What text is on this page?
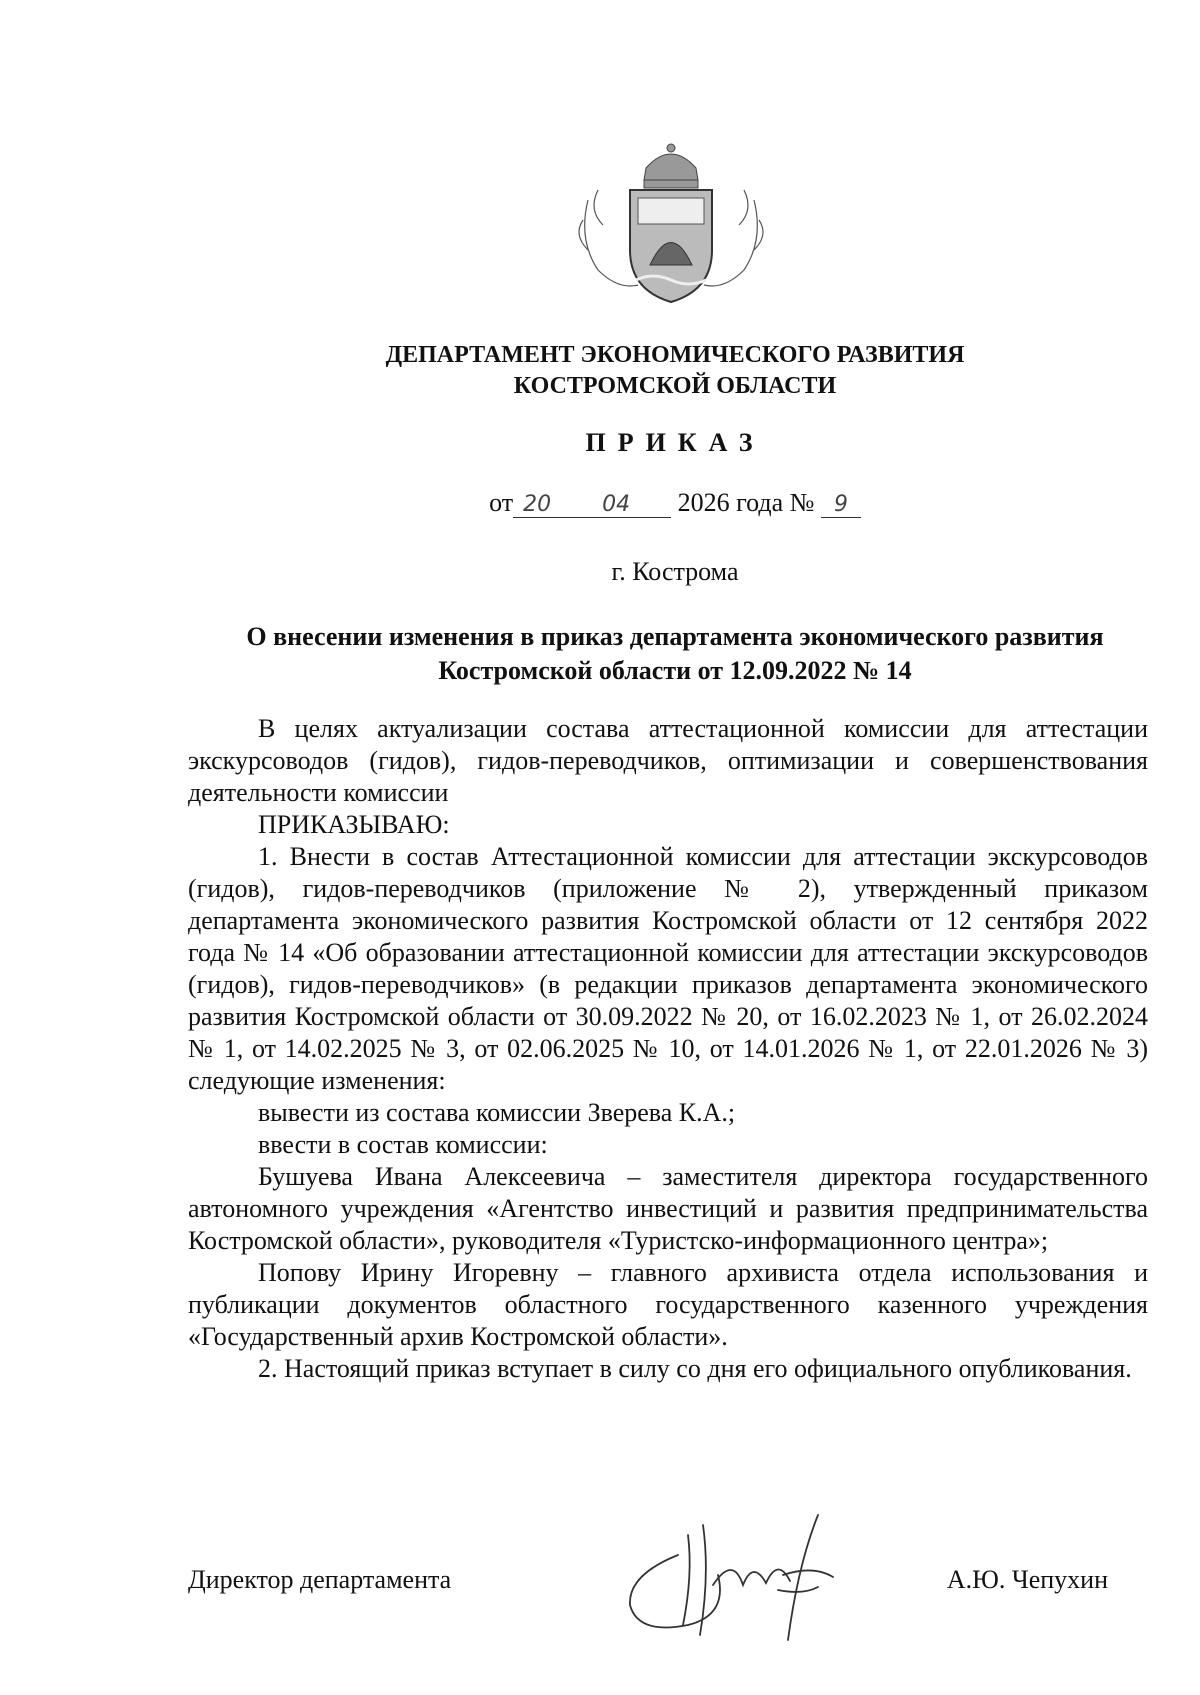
ДЕПАРТАМЕНТ ЭКОНОМИЧЕСКОГО РАЗВИТИЯ
КОСТРОМСКОЙ ОБЛАСТИ
ПРИКАЗ
от 20 04 2026 года № 9
г. Кострома
О внесении изменения в приказ департамента экономического развития
Костромской области от 12.09.2022 № 14

В целях актуализации состава аттестационной комиссии для аттестации экскурсоводов (гидов), гидов-переводчиков, оптимизации и совершенствования деятельности комиссии

ПРИКАЗЫВАЮ:

1. Внести в состав Аттестационной комиссии для аттестации экскурсоводов (гидов), гидов-переводчиков (приложение № 2), утвержденный приказом департамента экономического развития Костромской области от 12 сентября 2022 года № 14 «Об образовании аттестационной комиссии для аттестации экскурсоводов (гидов), гидов-переводчиков» (в редакции приказов департамента экономического развития Костромской области от 30.09.2022 № 20, от 16.02.2023 № 1, от 26.02.2024 № 1, от 14.02.2025 № 3, от 02.06.2025 № 10, от 14.01.2026 № 1, от 22.01.2026 № 3) следующие изменения:

вывести из состава комиссии Зверева К.А.;

ввести в состав комиссии:

Бушуева Ивана Алексеевича – заместителя директора государственного автономного учреждения «Агентство инвестиций и развития предпринимательства Костромской области», руководителя «Туристско-информационного центра»;

Попову Ирину Игоревну – главного архивиста отдела использования и публикации документов областного государственного казенного учреждения «Государственный архив Костромской области».

2. Настоящий приказ вступает в силу со дня его официального опубликования.

Директор департамента	А.Ю. Чепухин
